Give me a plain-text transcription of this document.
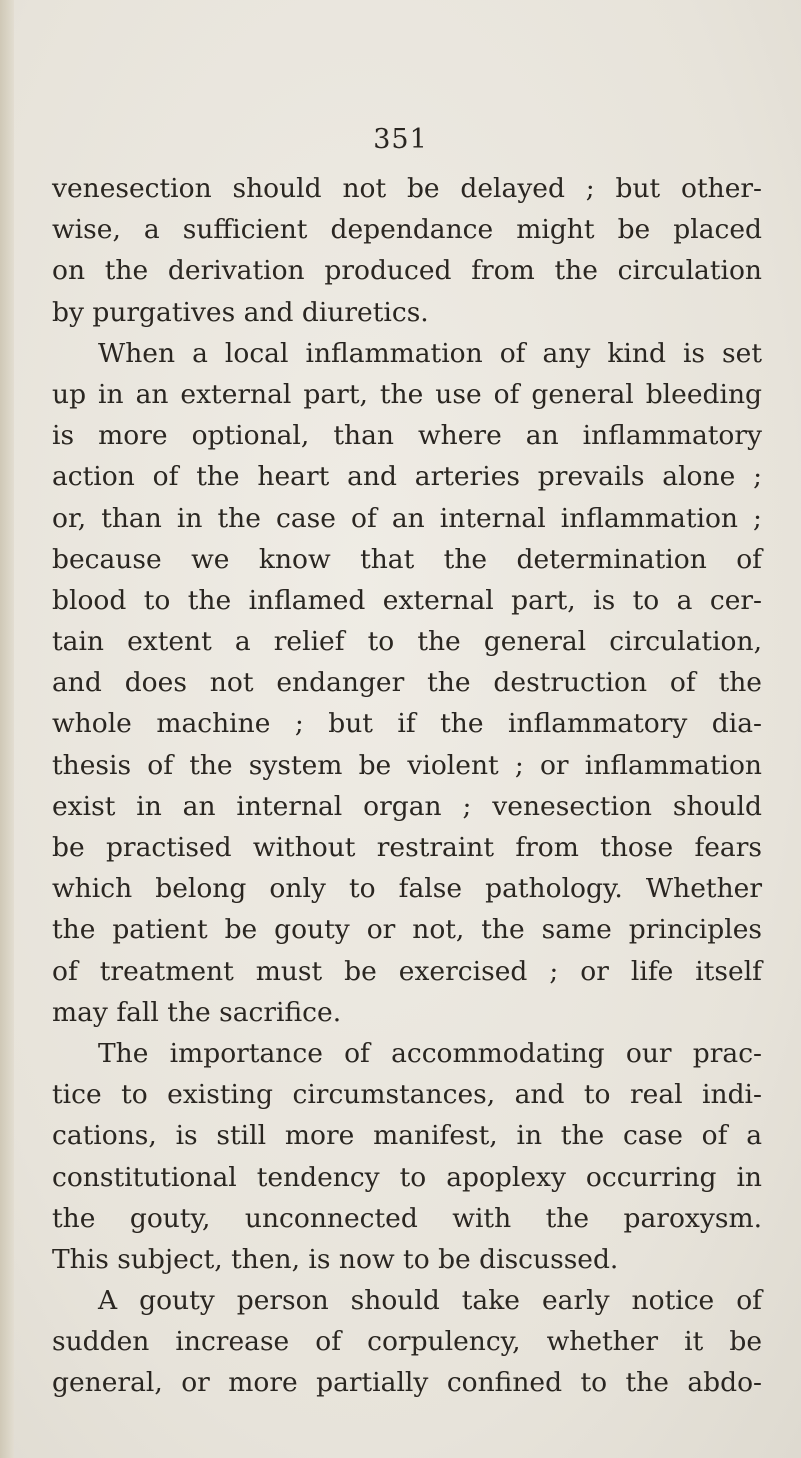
351
venesection should not be delayed ; but other-
wise, a sufficient dependance might be placed
on the derivation produced from the circulation
by purgatives and diuretics.
When a local inflammation of any kind is set
up in an external part, the use of general bleeding
is more optional, than where an inflammatory
action of the heart and arteries prevails alone ;
or, than in the case of an internal inflammation ;
because we know that the determination of
blood to the inflamed external part, is to a cer-
tain extent a relief to the general circulation,
and does not endanger the destruction of the
whole machine ; but if the inflammatory dia-
thesis of the system be violent ; or inflammation
exist in an internal organ ; venesection should
be practised without restraint from those fears
which belong only to false pathology. Whether
the patient be gouty or not, the same principles
of treatment must be exercised ; or life itself
may fall the sacrifice.
The importance of accommodating our prac-
tice to existing circumstances, and to real indi-
cations, is still more manifest, in the case of a
constitutional tendency to apoplexy occurring in
the gouty, unconnected with the paroxysm.
This subject, then, is now to be discussed.
A gouty person should take early notice of
sudden increase of corpulency, whether it be
general, or more partially confined to the abdo-
